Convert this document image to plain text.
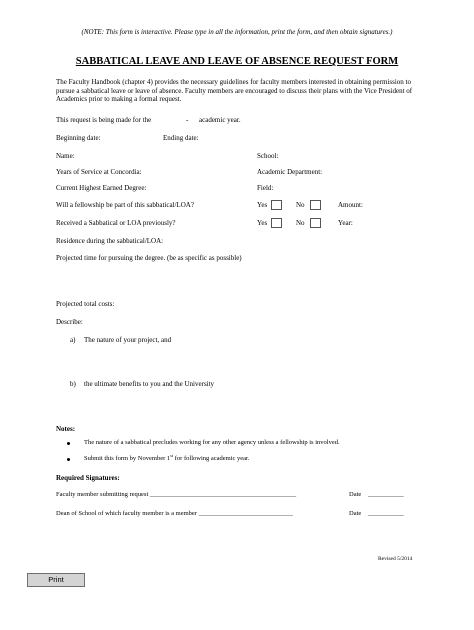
(NOTE: This form is interactive. Please type in all the information, print the form, and then obtain signatures.)
SABBATICAL LEAVE AND LEAVE OF ABSENCE REQUEST FORM
The Faculty Handbook (chapter 4) provides the necessary guidelines for faculty members interested in obtaining permission to pursue a sabbatical leave or leave of absence. Faculty members are encouraged to discuss their plans with the Vice President of Academics prior to making a formal request.
This request is being made for the	- academic year.
Beginning date:	Ending date:
Name:	School:
Years of Service at Concordia:	Academic Department:
Current Highest Earned Degree:	Field:
Will a fellowship be part of this sabbatical/LOA?	Yes	No	Amount:
Received a Sabbatical or LOA previously?	Yes	No	Year:
Residence during the sabbatical/LOA:
Projected time for pursuing the degree. (be as specific as possible)
Projected total costs:
Describe:
a) The nature of your project, and
b) the ultimate benefits to you and the University
Notes:
The nature of a sabbatical precludes working for any other agency unless a fellowship is involved.
Submit this form by November 1st for following academic year.
Required Signatures:
Faculty member submitting request _____________________________________________	Date ___________
Dean of School of which faculty member is a member _____________________________	Date ___________
Revised 5/2014
Print
